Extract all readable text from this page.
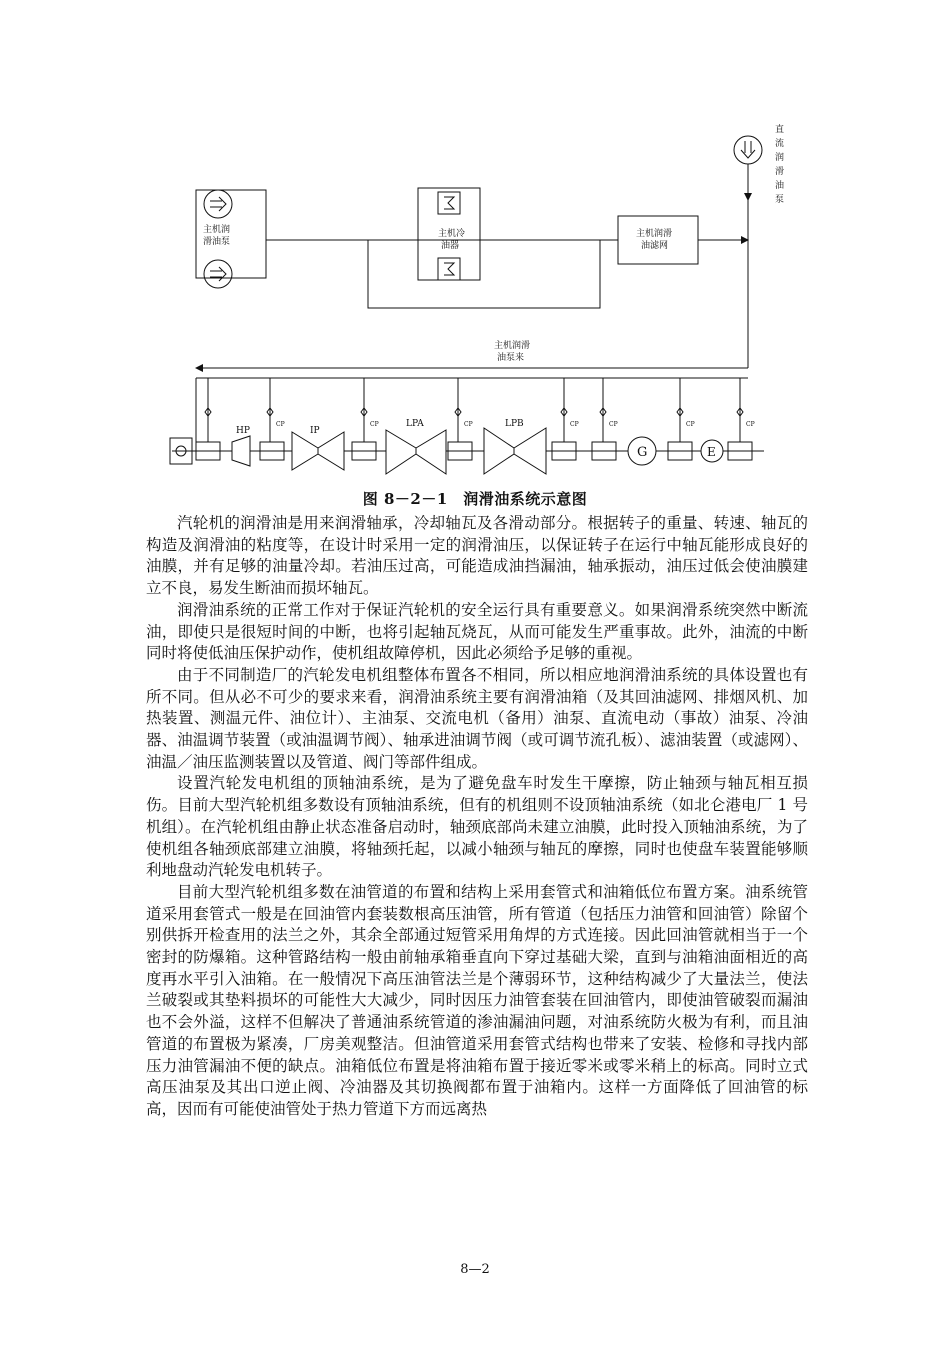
主机润
滑油泵
主机冷
油器
主机润滑
油滤网
直
流
润
滑
油
泵
主机润滑
油泵来
HP	IP
LPA	LPB
G	E
CP	CP	CP	CP	CP	CP	CP
图 8－2－1　润滑油系统示意图

汽轮机的润滑油是用来润滑轴承，冷却轴瓦及各滑动部分。根据转子的重量、转速、轴瓦的构造及润滑油的粘度等，在设计时采用一定的润滑油压，以保证转子在运行中轴瓦能形成良好的油膜，并有足够的油量冷却。若油压过高，可能造成油挡漏油，轴承振动，油压过低会使油膜建立不良，易发生断油而损坏轴瓦。

润滑油系统的正常工作对于保证汽轮机的安全运行具有重要意义。如果润滑系统突然中断流油，即使只是很短时间的中断，也将引起轴瓦烧瓦，从而可能发生严重事故。此外，油流的中断同时将使低油压保护动作，使机组故障停机，因此必须给予足够的重视。

由于不同制造厂的汽轮发电机组整体布置各不相同，所以相应地润滑油系统的具体设置也有所不同。但从必不可少的要求来看，润滑油系统主要有润滑油箱（及其回油滤网、排烟风机、加热装置、测温元件、油位计）、主油泵、交流电机（备用）油泵、直流电动（事故）油泵、冷油器、油温调节装置（或油温调节阀）、轴承进油调节阀（或可调节流孔板）、滤油装置（或滤网）、油温／油压监测装置以及管道、阀门等部件组成。

设置汽轮发电机组的顶轴油系统，是为了避免盘车时发生干摩擦，防止轴颈与轴瓦相互损伤。目前大型汽轮机组多数设有顶轴油系统，但有的机组则不设顶轴油系统（如北仑港电厂 1 号机组）。在汽轮机组由静止状态准备启动时，轴颈底部尚未建立油膜，此时投入顶轴油系统，为了使机组各轴颈底部建立油膜，将轴颈托起，以减小轴颈与轴瓦的摩擦，同时也使盘车装置能够顺利地盘动汽轮发电机转子。

目前大型汽轮机组多数在油管道的布置和结构上采用套管式和油箱低位布置方案。油系统管道采用套管式一般是在回油管内套装数根高压油管，所有管道（包括压力油管和回油管）除留个别供拆开检查用的法兰之外，其余全部通过短管采用角焊的方式连接。因此回油管就相当于一个密封的防爆箱。这种管路结构一般由前轴承箱垂直向下穿过基础大梁，直到与油箱油面相近的高度再水平引入油箱。在一般情况下高压油管法兰是个薄弱环节，这种结构减少了大量法兰，使法兰破裂或其垫料损坏的可能性大大减少，同时因压力油管套装在回油管内，即使油管破裂而漏油也不会外溢，这样不但解决了普通油系统管道的渗油漏油问题，对油系统防火极为有利，而且油管道的布置极为紧凑，厂房美观整洁。但油管道采用套管式结构也带来了安装、检修和寻找内部压力油管漏油不便的缺点。油箱低位布置是将油箱布置于接近零米或零米稍上的标高。同时立式高压油泵及其出口逆止阀、冷油器及其切换阀都布置于油箱内。这样一方面降低了回油管的标高，因而有可能使油管处于热力管道下方而远离热

8—2
